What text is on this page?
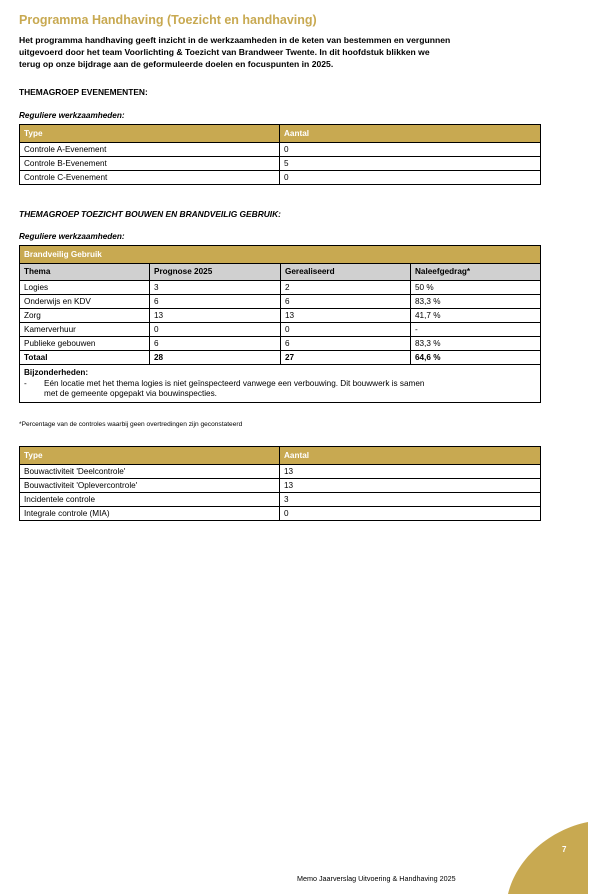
Programma Handhaving (Toezicht en handhaving)
Het programma handhaving geeft inzicht in de werkzaamheden in de keten van bestemmen en vergunnen
uitgevoerd door het team Voorlichting & Toezicht van Brandweer Twente. In dit hoofdstuk blikken we
terug op onze bijdrage aan de geformuleerde doelen en focuspunten in 2025.
THEMAGROEP EVENEMENTEN:
Reguliere werkzaamheden:
Type	Aantal
Controle A-Evenement	0
Controle B-Evenement	5
Controle C-Evenement	0
THEMAGROEP TOEZICHT BOUWEN EN BRANDVEILIG GEBRUIK:
Reguliere werkzaamheden:
Brandveilig Gebruik			
Thema	Prognose 2025	Gerealiseerd	Naleefgedrag*
Logies	3	2	50 %
Onderwijs en KDV	6	6	83,3 %
Zorg	13	13	41,7 %
Kamerverhuur	0	0	-
Publieke gebouwen	6	6	83,3 %
Totaal	28	27	64,6 %

Bijzonderheden:
- Eén locatie met het thema logies is niet geïnspecteerd vanwege een verbouwing. Dit bouwwerk is samen
met de gemeente opgepakt via bouwinspecties.			
*Percentage van de controles waarbij geen overtredingen zijn geconstateerd
Type	Aantal
Bouwactiviteit 'Deelcontrole'	13
Bouwactiviteit 'Oplevercontrole'	13
Incidentele controle	3
Integrale controle (MIA)	0
Memo Jaarverslag Uitvoering & Handhaving 2025
7
